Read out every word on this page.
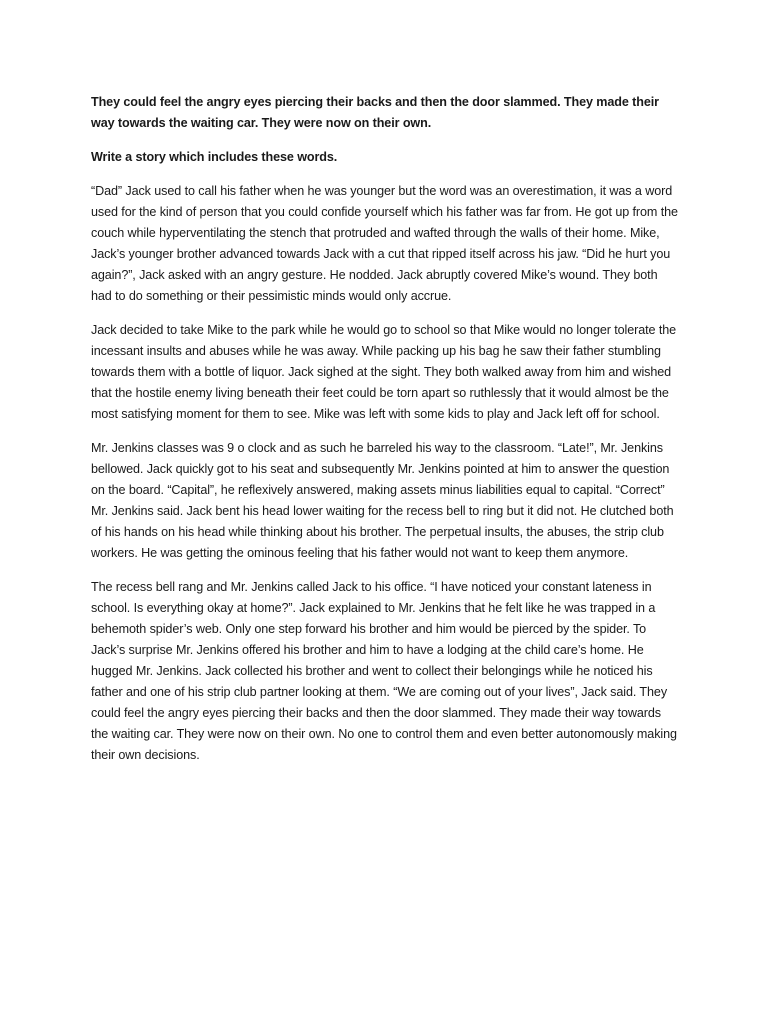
They could feel the angry eyes piercing their backs and then the door slammed. They made their way towards the waiting car. They were now on their own.

Write a story which includes these words.

“Dad” Jack used to call his father when he was younger but the word was an overestimation, it was a word used for the kind of person that you could confide yourself which his father was far from. He got up from the couch while hyperventilating the stench that protruded and wafted through the walls of their home. Mike, Jack’s younger brother advanced towards Jack with a cut that ripped itself across his jaw. “Did he hurt you again?”, Jack asked with an angry gesture. He nodded. Jack abruptly covered Mike’s wound. They both had to do something or their pessimistic minds would only accrue.

Jack decided to take Mike to the park while he would go to school so that Mike would no longer tolerate the incessant insults and abuses while he was away. While packing up his bag he saw their father stumbling towards them with a bottle of liquor. Jack sighed at the sight. They both walked away from him and wished that the hostile enemy living beneath their feet could be torn apart so ruthlessly that it would almost be the most satisfying moment for them to see. Mike was left with some kids to play and Jack left off for school.

Mr. Jenkins classes was 9 o clock and as such he barreled his way to the classroom. “Late!”, Mr. Jenkins bellowed. Jack quickly got to his seat and subsequently Mr. Jenkins pointed at him to answer the question on the board. “Capital”, he reflexively answered, making assets minus liabilities equal to capital. “Correct” Mr. Jenkins said. Jack bent his head lower waiting for the recess bell to ring but it did not. He clutched both of his hands on his head while thinking about his brother. The perpetual insults, the abuses, the strip club workers. He was getting the ominous feeling that his father would not want to keep them anymore.

The recess bell rang and Mr. Jenkins called Jack to his office. “I have noticed your constant lateness in school. Is everything okay at home?”. Jack explained to Mr. Jenkins that he felt like he was trapped in a behemoth spider’s web. Only one step forward his brother and him would be pierced by the spider. To Jack’s surprise Mr. Jenkins offered his brother and him to have a lodging at the child care’s home. He hugged Mr. Jenkins. Jack collected his brother and went to collect their belongings while he noticed his father and one of his strip club partner looking at them. “We are coming out of your lives”, Jack said. They could feel the angry eyes piercing their backs and then the door slammed. They made their way towards the waiting car. They were now on their own. No one to control them and even better autonomously making their own decisions.
